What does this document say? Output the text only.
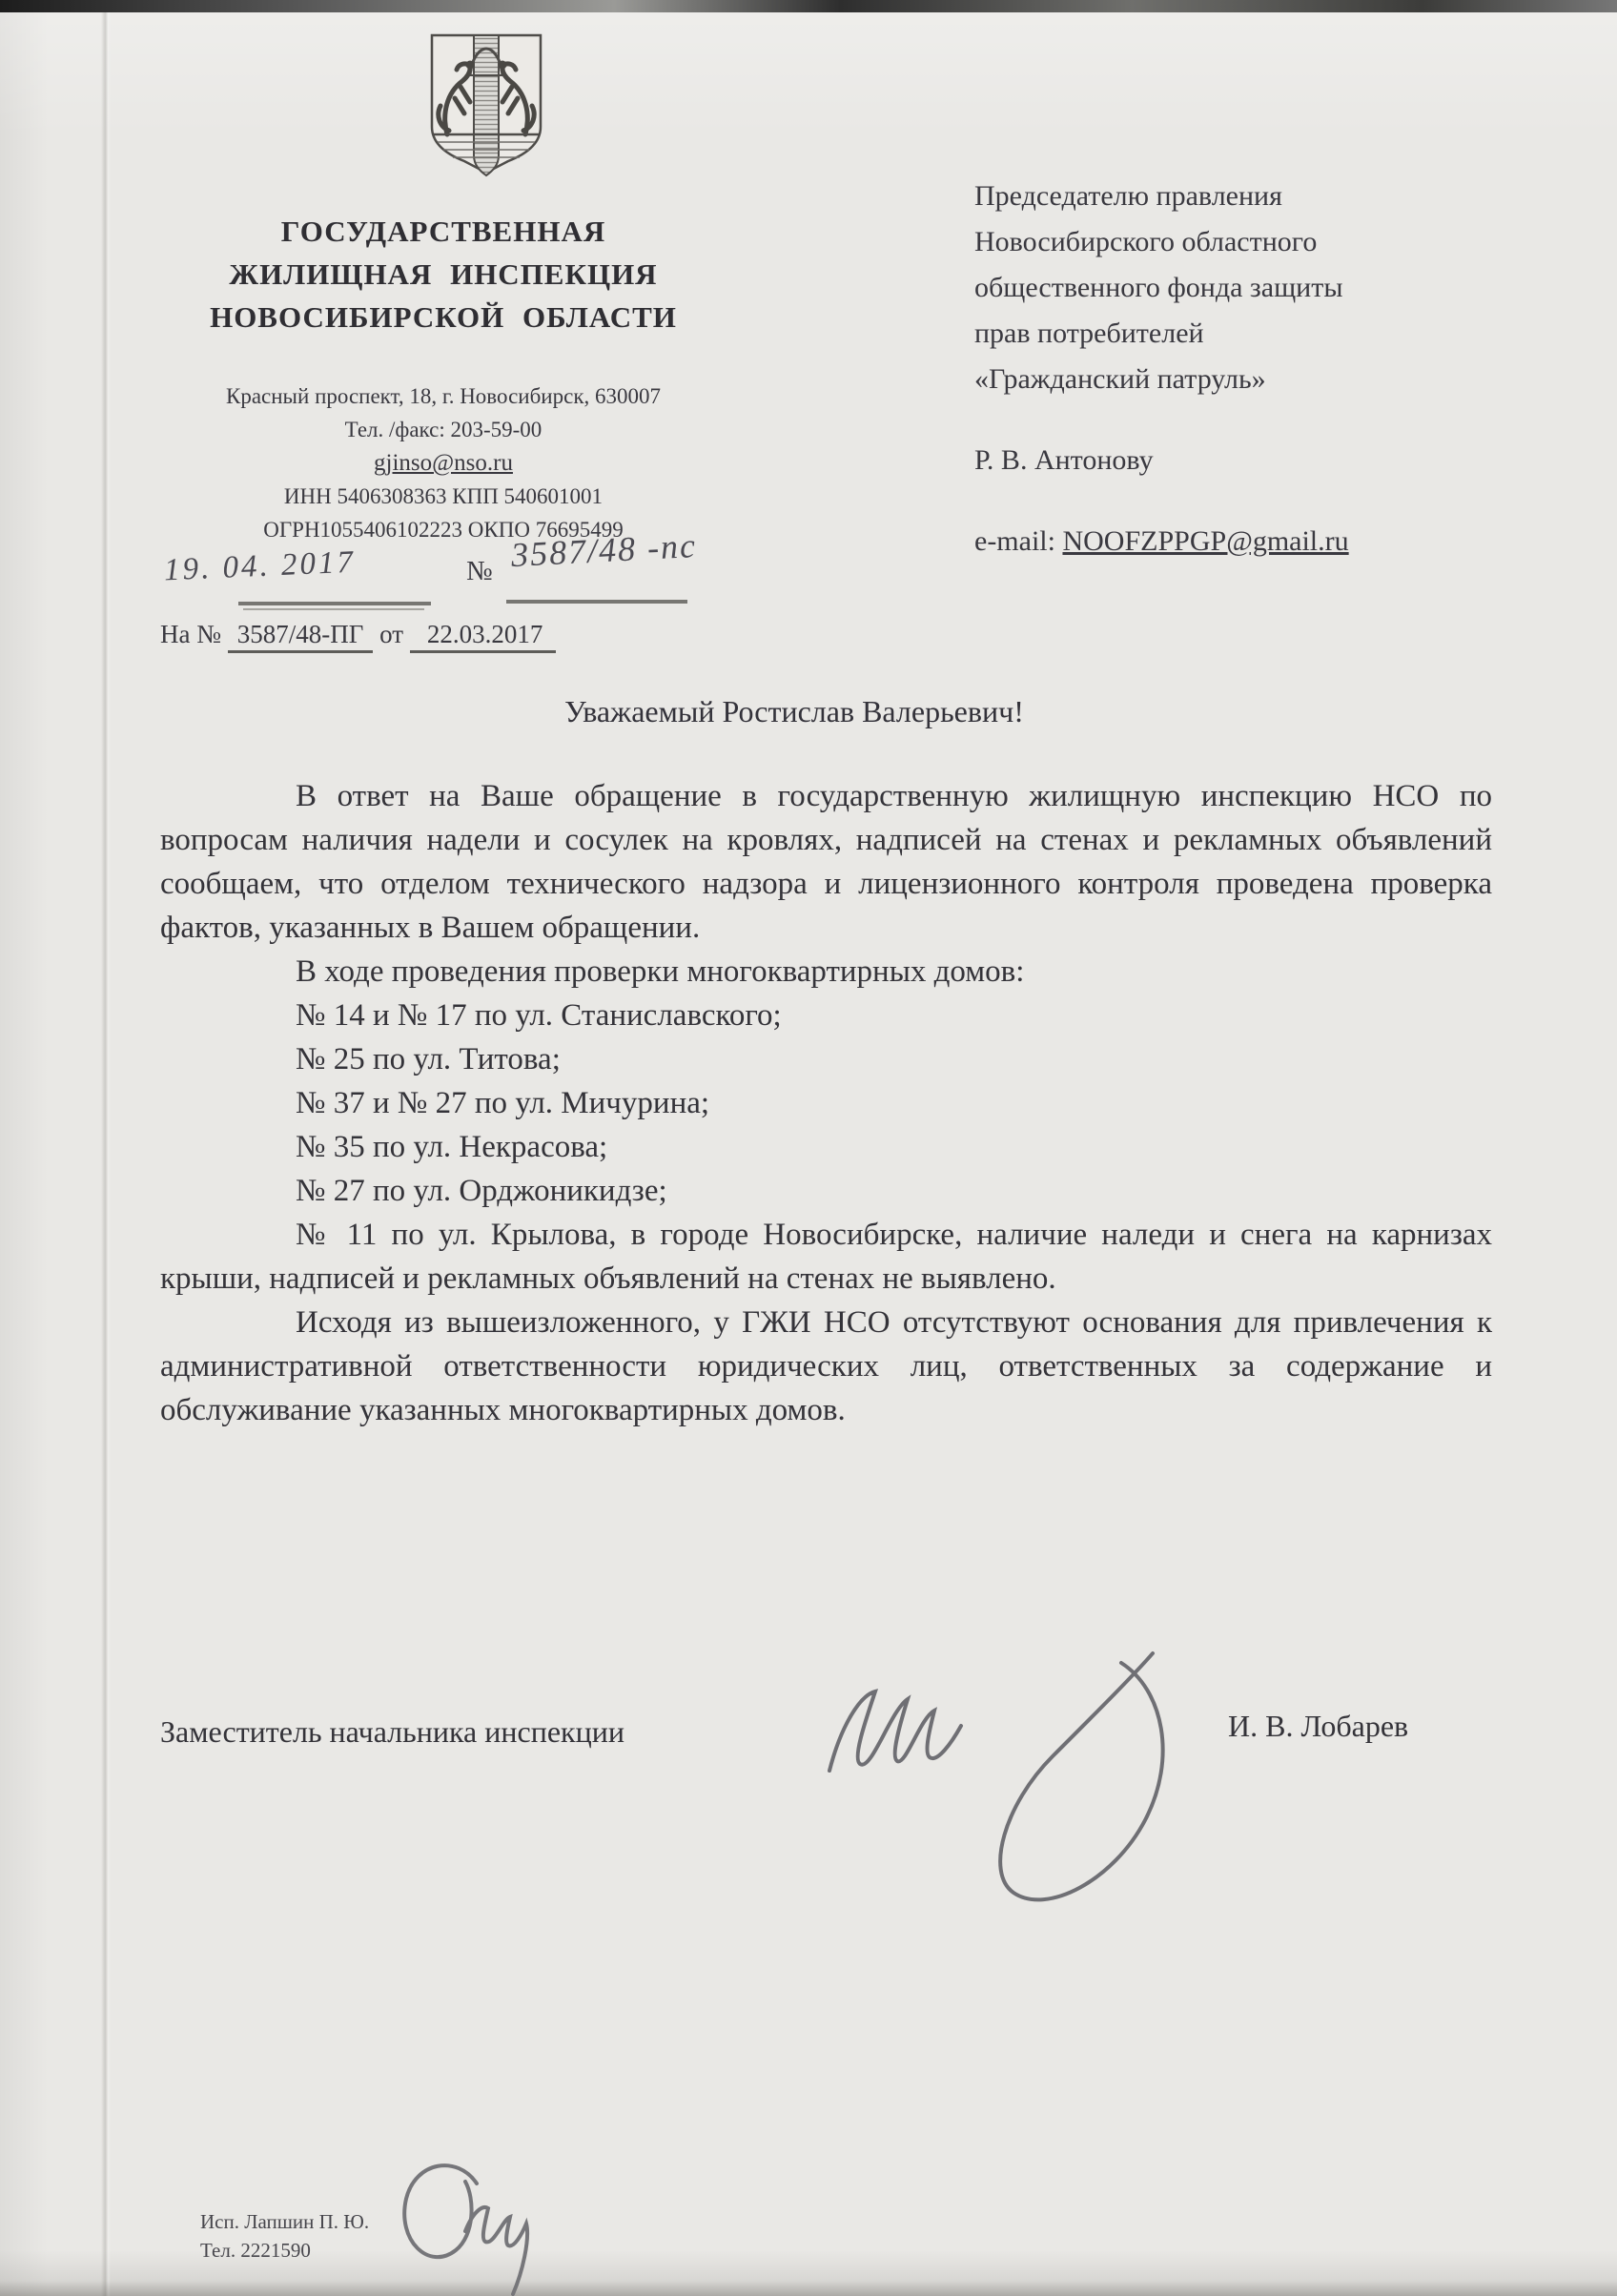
ГОСУДАРСТВЕННАЯ
ЖИЛИЩНАЯ ИНСПЕКЦИЯ
НОВОСИБИРСКОЙ ОБЛАСТИ
Красный проспект, 18, г. Новосибирск, 630007
Тел. /факс: 203-59-00
gjinso@nso.ru
ИНН 5406308363 КПП 540601001
ОГРН1055406102223 ОКПО 76695499
19. 04. 2017	№ 3587/48 -пс
На № 3587/48-ПГ от 22.03.2017
Председателю правления
Новосибирского областного
общественного фонда защиты
прав потребителей
«Гражданский патруль»
Р. В. Антонову
e-mail: NOOFZPPGP@gmail.ru
Уважаемый Ростислав Валерьевич!

В ответ на Ваше обращение в государственную жилищную инспекцию НСО по вопросам наличия надели и сосулек на кровлях, надписей на стенах и рекламных объявлений сообщаем, что отделом технического надзора и лицензионного контроля проведена проверка фактов, указанных в Вашем обращении.

В ходе проведения проверки многоквартирных домов:

№ 14 и № 17 по ул. Станиславского;

№ 25 по ул. Титова;

№ 37 и № 27 по ул. Мичурина;

№ 35 по ул. Некрасова;

№ 27 по ул. Орджоникидзе;

№ 11 по ул. Крылова, в городе Новосибирске, наличие наледи и снега на карнизах крыши, надписей и рекламных объявлений на стенах не выявлено.

Исходя из вышеизложенного, у ГЖИ НСО отсутствуют основания для привлечения к административной ответственности юридических лиц, ответственных за содержание и обслуживание указанных многоквартирных домов.

Заместитель начальника инспекции	И. В. Лобарев
Исп. Лапшин П. Ю.
Тел. 2221590
